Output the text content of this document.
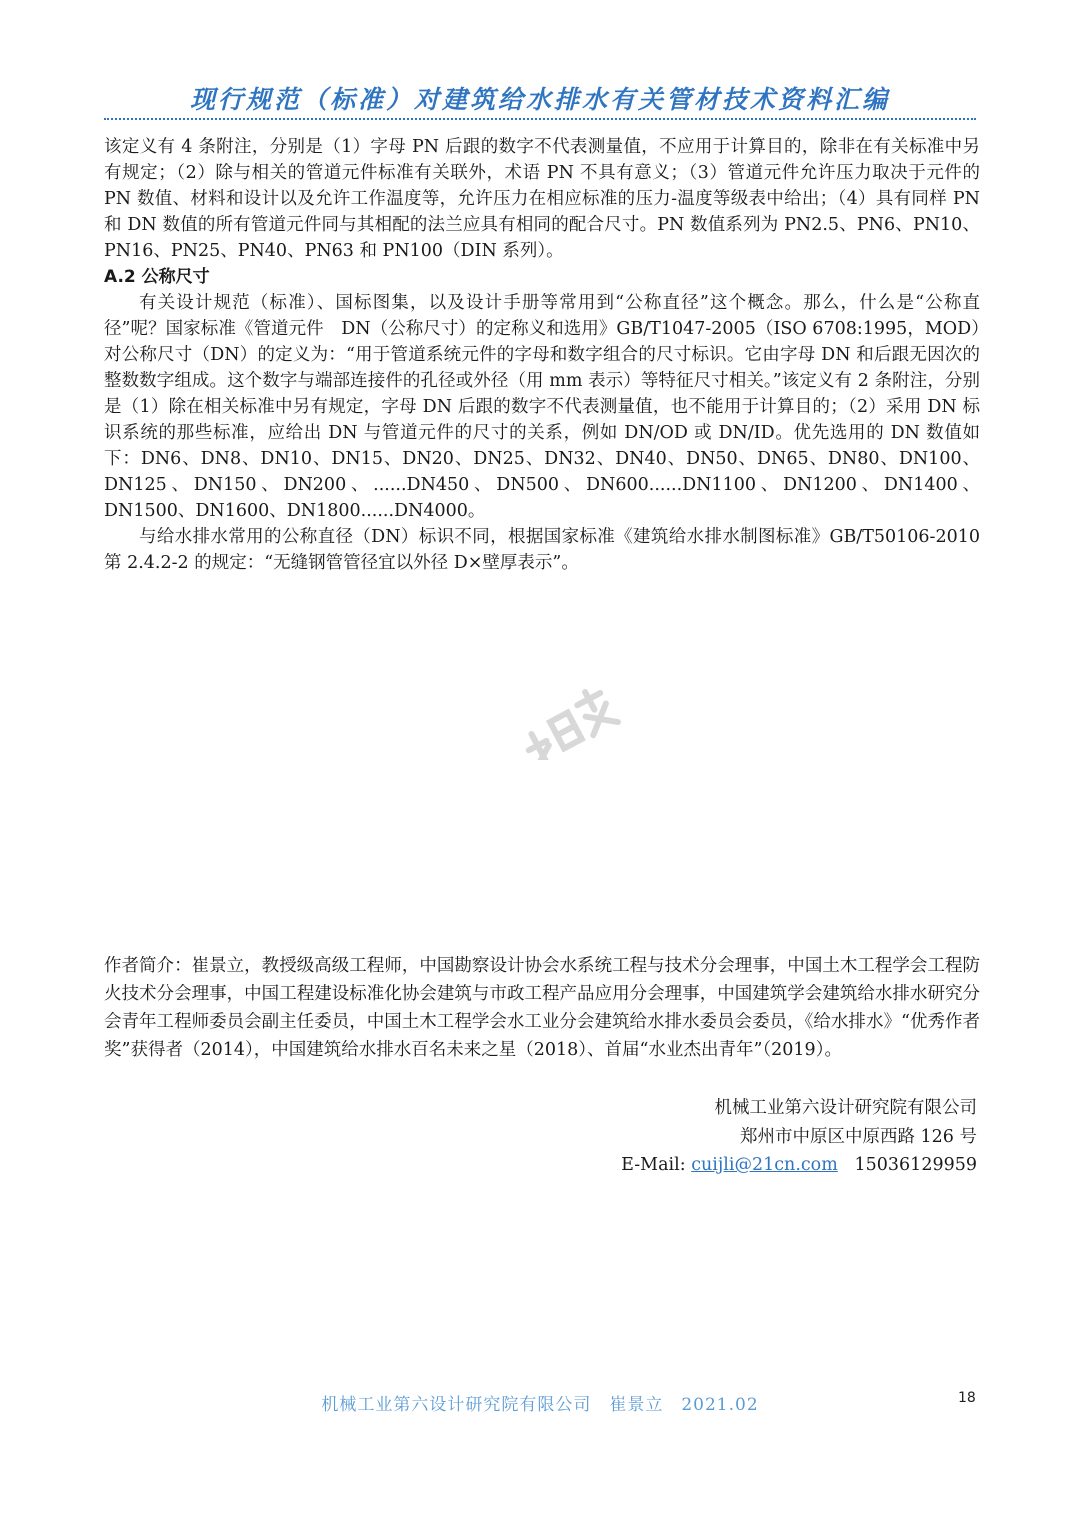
现行规范（标准）对建筑给水排水有关管材技术资料汇编

该定义有 4 条附注，分别是（1）字母 PN 后跟的数字不代表测量值，不应用于计算目的，除非在有关标准中另有规定；（2）除与相关的管道元件标准有关联外，术语 PN 不具有意义；（3）管道元件允许压力取决于元件的 PN 数值、材料和设计以及允许工作温度等，允许压力在相应标准的压力-温度等级表中给出；（4）具有同样 PN 和 DN 数值的所有管道元件同与其相配的法兰应具有相同的配合尺寸。PN 数值系列为 PN2.5、PN6、PN10、PN16、PN25、PN40、PN63 和 PN100（DIN 系列）。

A.2 公称尺寸

有关设计规范（标准）、国标图集，以及设计手册等常用到“公称直径”这个概念。那么，什么是“公称直径”呢？国家标准《管道元件　DN（公称尺寸）的定称义和选用》GB/T1047-2005（ISO 6708:1995，MOD）对公称尺寸（DN）的定义为：“用于管道系统元件的字母和数字组合的尺寸标识。它由字母 DN 和后跟无因次的整数数字组成。这个数字与端部连接件的孔径或外径（用 mm 表示）等特征尺寸相关。”该定义有 2 条附注，分别是（1）除在相关标准中另有规定，字母 DN 后跟的数字不代表测量值，也不能用于计算目的；（2）采用 DN 标识系统的那些标准，应给出 DN 与管道元件的尺寸的关系，例如 DN/OD 或 DN/ID。优先选用的 DN 数值如下：DN6、DN8、DN10、DN15、DN20、DN25、DN32、DN40、DN50、DN65、DN80、DN100、DN125、DN150、DN200、......DN450、DN500、DN600......DN1100、DN1200、DN1400、DN1500、DN1600、DN1800......DN4000。

与给水排水常用的公称直径（DN）标识不同，根据国家标准《建筑给水排水制图标准》GB/T50106-2010 第 2.4.2-2 的规定：“无缝钢管管径宜以外径 D×壁厚表示”。

作者简介：崔景立，教授级高级工程师，中国勘察设计协会水系统工程与技术分会理事，中国土木工程学会工程防火技术分会理事，中国工程建设标准化协会建筑与市政工程产品应用分会理事，中国建筑学会建筑给水排水研究分会青年工程师委员会副主任委员，中国土木工程学会水工业分会建筑给水排水委员会委员，《给水排水》“优秀作者奖”获得者（2014），中国建筑给水排水百名未来之星（2018）、首届“水业杰出青年”（2019）。

机械工业第六设计研究院有限公司
郑州市中原区中原西路 126 号
E-Mail: cuijli@21cn.com 15036129959
机械工业第六设计研究院有限公司　崔景立　2021.02	18
